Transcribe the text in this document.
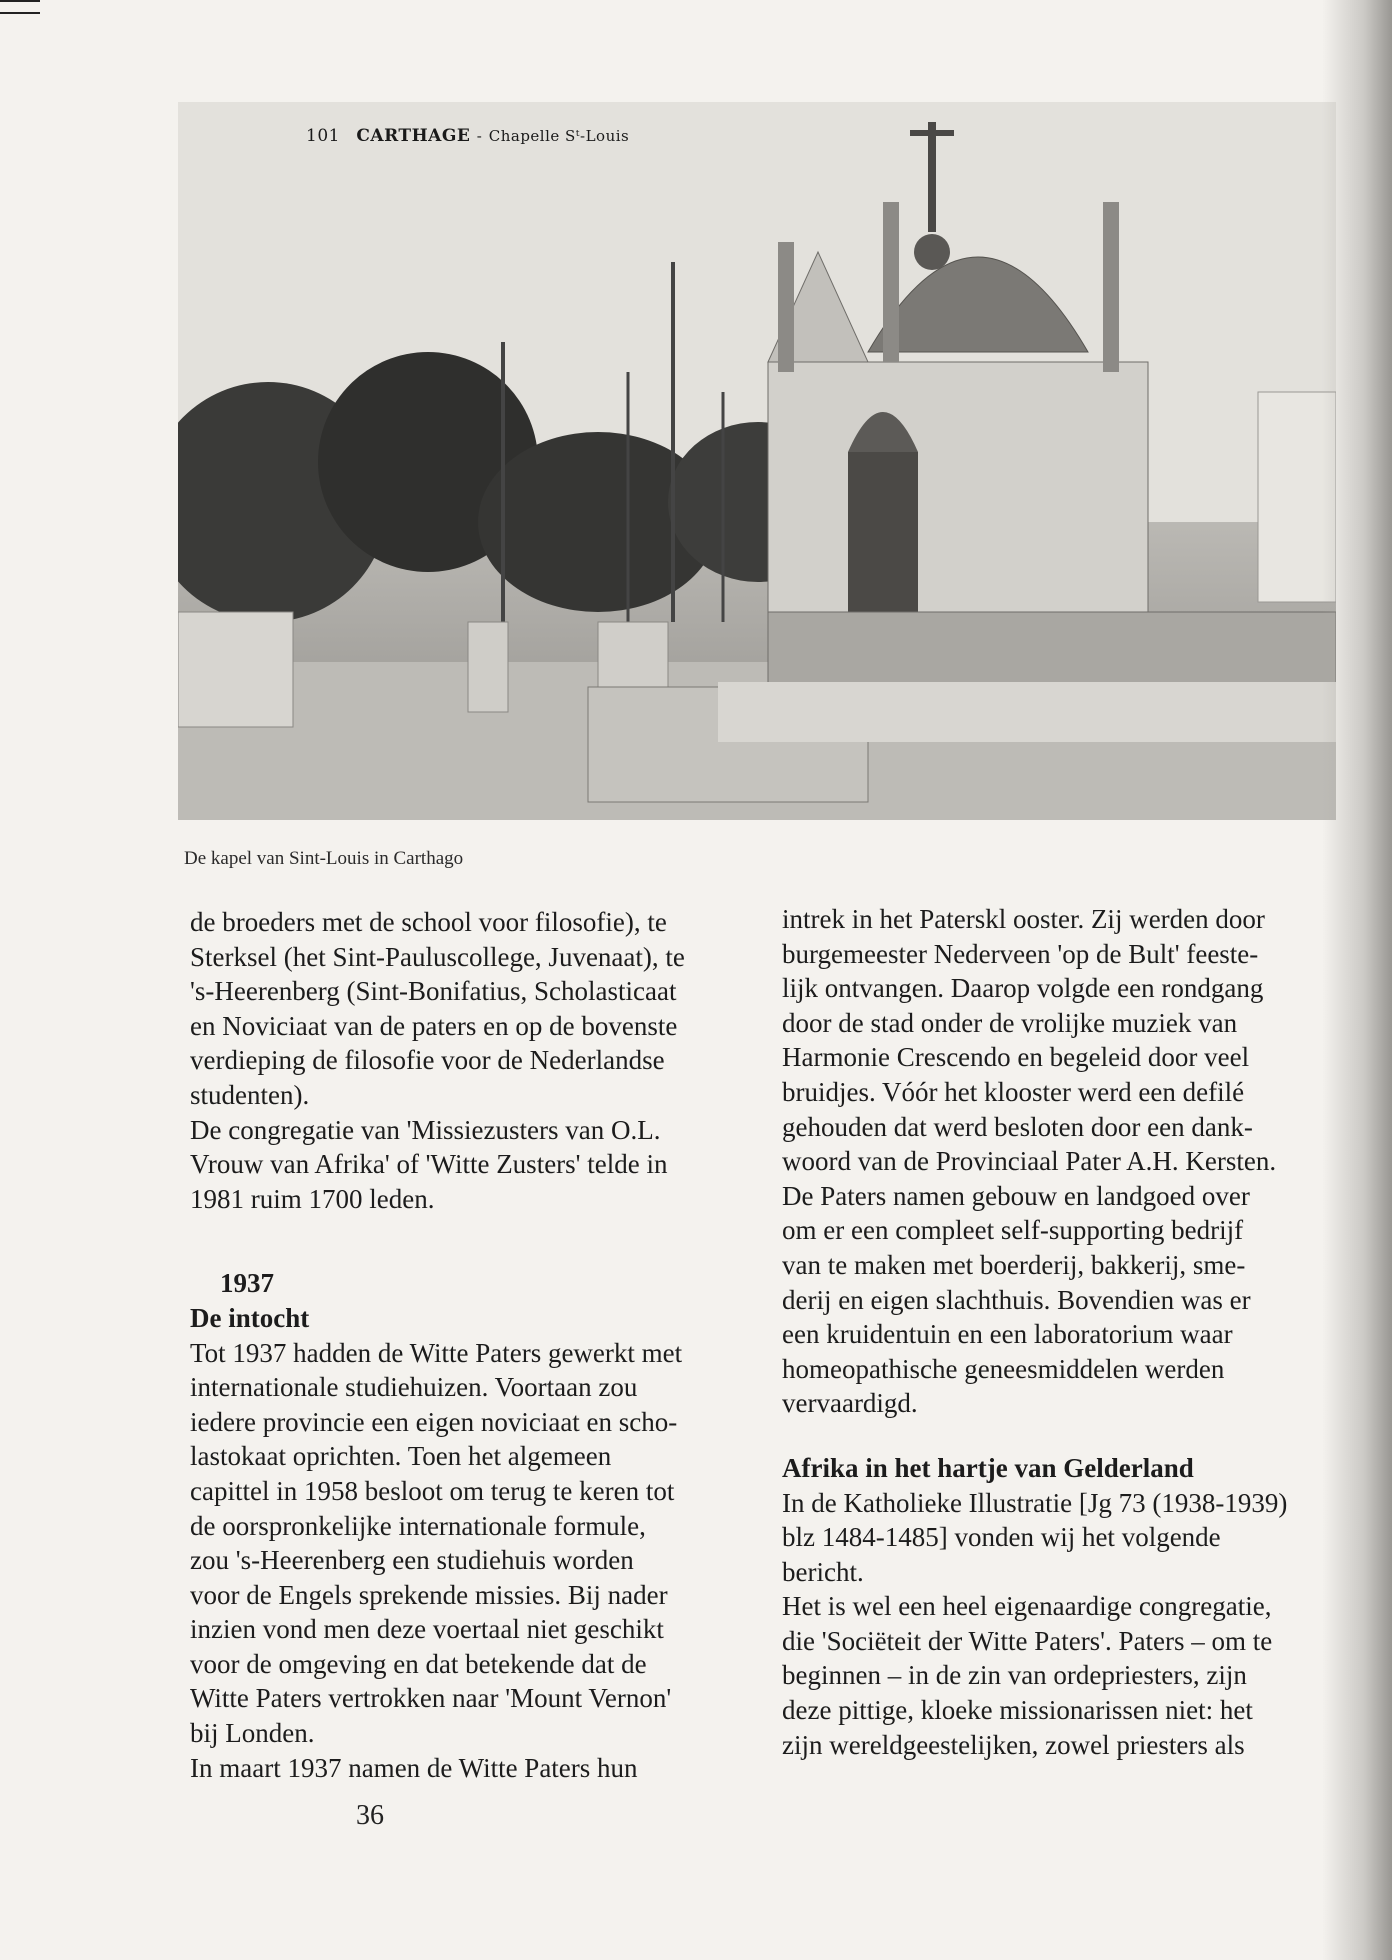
101 CARTHAGE - Chapelle Sᵗ-Louis
De kapel van Sint-Louis in Carthago
de broeders met de school voor filosofie), te
Sterksel (het Sint-Pauluscollege, Juvenaat), te
's-Heerenberg (Sint-Bonifatius, Scholasticaat
en Noviciaat van de paters en op de bovenste
verdieping de filosofie voor de Nederlandse
studenten).
De congregatie van 'Missiezusters van O.L.
Vrouw van Afrika' of 'Witte Zusters' telde in
1981 ruim 1700 leden.
1937
De intocht
Tot 1937 hadden de Witte Paters gewerkt met
internationale studiehuizen. Voortaan zou
iedere provincie een eigen noviciaat en scho-
lastokaat oprichten. Toen het algemeen
capittel in 1958 besloot om terug te keren tot
de oorspronkelijke internationale formule,
zou 's-Heerenberg een studiehuis worden
voor de Engels sprekende missies. Bij nader
inzien vond men deze voertaal niet geschikt
voor de omgeving en dat betekende dat de
Witte Paters vertrokken naar 'Mount Vernon'
bij Londen.
In maart 1937 namen de Witte Paters hun
intrek in het Paterskl ooster. Zij werden door
burgemeester Nederveen 'op de Bult' feeste-
lijk ontvangen. Daarop volgde een rondgang
door de stad onder de vrolijke muziek van
Harmonie Crescendo en begeleid door veel
bruidjes. Vóór het klooster werd een defilé
gehouden dat werd besloten door een dank-
woord van de Provinciaal Pater A.H. Kersten.
De Paters namen gebouw en landgoed over
om er een compleet self-supporting bedrijf
van te maken met boerderij, bakkerij, sme-
derij en eigen slachthuis. Bovendien was er
een kruidentuin en een laboratorium waar
homeopathische geneesmiddelen werden
vervaardigd.
Afrika in het hartje van Gelderland
In de Katholieke Illustratie [Jg 73 (1938-1939)
blz 1484-1485] vonden wij het volgende
bericht.
Het is wel een heel eigenaardige congregatie,
die 'Sociëteit der Witte Paters'. Paters – om te
beginnen – in de zin van ordepriesters, zijn
deze pittige, kloeke missionarissen niet: het
zijn wereldgeestelijken, zowel priesters als
36
